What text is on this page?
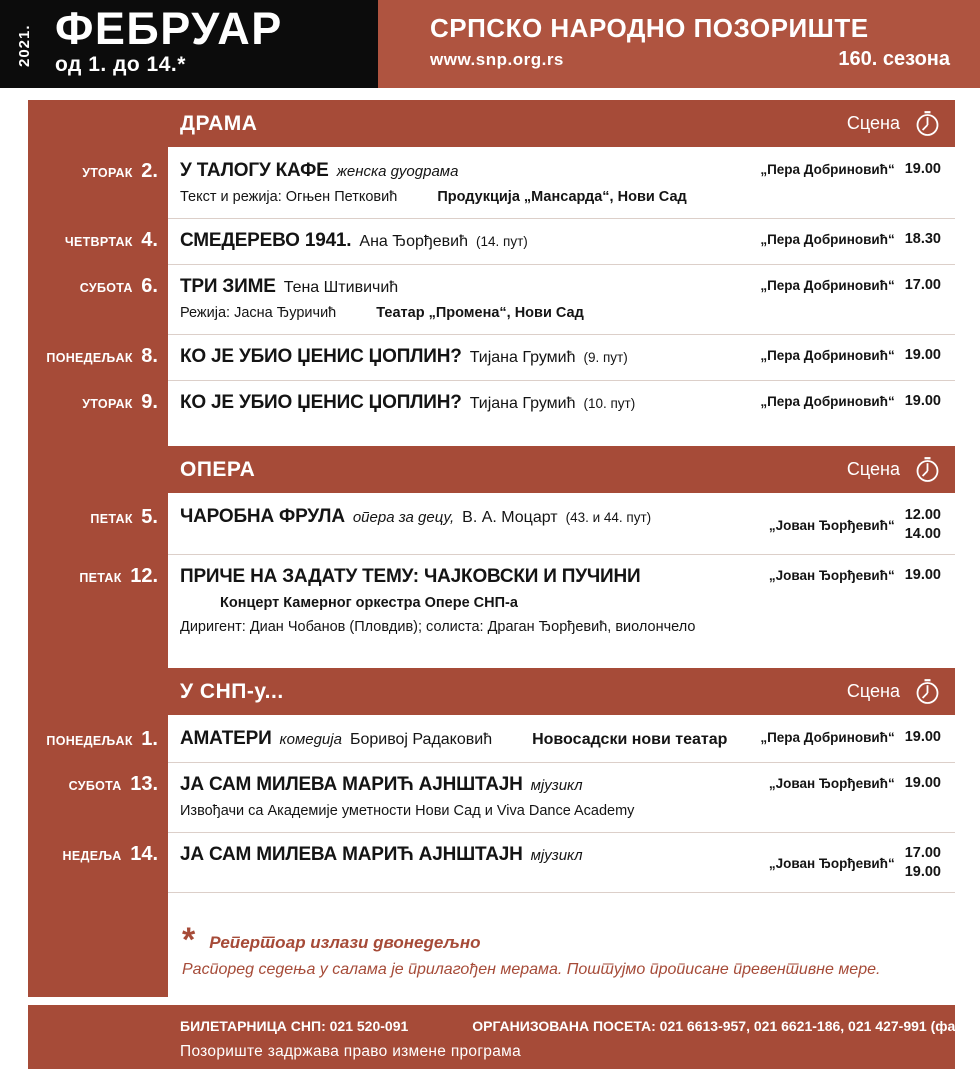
2021. ФЕБРУАР
од 1. до 14.*
СРПСКО НАРОДНО ПОЗОРИШТЕ
www.snp.org.rs	160. сезона
ДРАМА	Сцена
УТОРАК 2.	У ТАЛОГУ КАФЕ женска дуодрама
Текст и режија: Огњен Петковић	Продукција „Мансарда“, Нови Сад
„Пера Добриновић“ 19.00
ЧЕТВРТАК 4.	СМЕДЕРЕВО 1941. Ана Ђорђевић (14. пут)	„Пера Добриновић“ 18.30
СУБОТА 6.	ТРИ ЗИМЕ Тена Штивичић
Режија: Јасна Ђуричић	Театар „Промена“, Нови Сад
„Пера Добриновић“ 17.00
ПОНЕДЕЉАК 8.	КО ЈЕ УБИО ЏЕНИС ЏОПЛИН? Тијана Грумић (9. пут)	„Пера Добриновић“ 19.00
УТОРАК 9.	КО ЈЕ УБИО ЏЕНИС ЏОПЛИН? Тијана Грумић (10. пут)	„Пера Добриновић“ 19.00
ОПЕРА	Сцена
ПЕТАК 5.	ЧАРОБНА ФРУЛА опера за децу, В. А. Моцарт (43. и 44. пут)	„Јован Ђорђевић“
12.00
14.00
ПЕТАК 12.	ПРИЧЕ НА ЗАДАТУ ТЕМУ: ЧАЈКОВСКИ И ПУЧИНИ
Концерт Камерног оркестра Опере СНП-а
Диригент: Диан Чобанов (Пловдив); солиста: Драган Ђорђевић, виолончело
„Јован Ђорђевић“ 19.00
У СНП-у...	Сцена
ПОНЕДЕЉАК 1.	АМАТЕРИ комедија Боривој Радаковић	Новосадски нови театар	„Пера Добриновић“ 19.00
СУБОТА 13.	ЈА САМ МИЛЕВА МАРИЋ АЈНШТАЈН мјузикл
Извођачи са Академије уметности Нови Сад и Viva Dance Academy
„Јован Ђорђевић“ 19.00
НЕДЕЉА 14.	ЈА САМ МИЛЕВА МАРИЋ АЈНШТАЈН мјузикл	„Јован Ђорђевић“
17.00
19.00
* Репертоар излази двонедељно
Распоред седења у салама је прилагођен мерама. Поштујмо прописане превентивне мере.
БИЛЕТАРНИЦА СНП: 021 520-091	ОРГАНИЗОВАНА ПОСЕТА: 021 6613-957, 021 6621-186, 021 427-991 (факс)
Позориште задржава право измене програма
